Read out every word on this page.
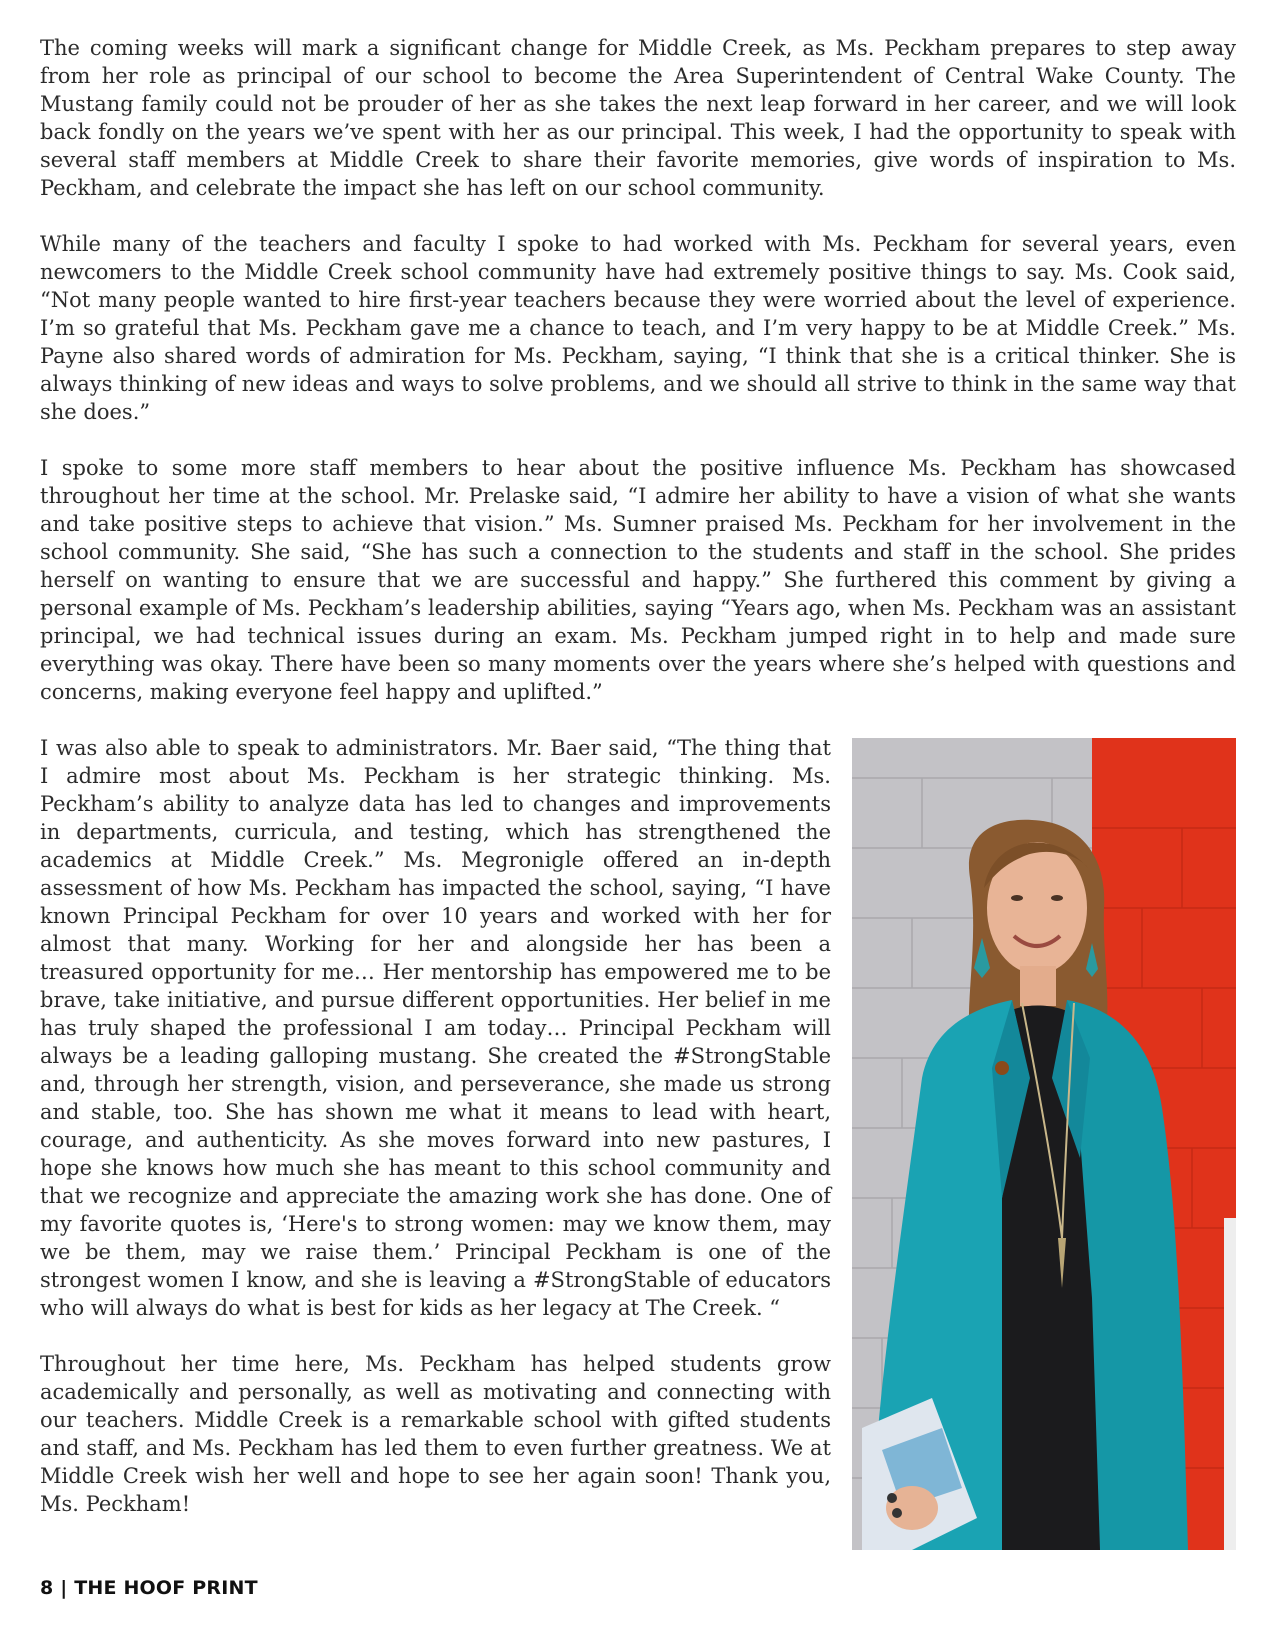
The coming weeks will mark a significant change for Middle Creek, as Ms. Peckham prepares to step away from her role as principal of our school to become the Area Superintendent of Central Wake County. The Mustang family could not be prouder of her as she takes the next leap forward in her career, and we will look back fondly on the years we’ve spent with her as our principal. This week, I had the opportunity to speak with several staff members at Middle Creek to share their favorite memories, give words of inspiration to Ms. Peckham, and celebrate the impact she has left on our school community.

While many of the teachers and faculty I spoke to had worked with Ms. Peckham for several years, even newcomers to the Middle Creek school community have had extremely positive things to say. Ms. Cook said, “Not many people wanted to hire first-year teachers because they were worried about the level of experience. I’m so grateful that Ms. Peckham gave me a chance to teach, and I’m very happy to be at Middle Creek.” Ms. Payne also shared words of admiration for Ms. Peckham, saying, “I think that she is a critical thinker. She is always thinking of new ideas and ways to solve problems, and we should all strive to think in the same way that she does.”

I spoke to some more staff members to hear about the positive influence Ms. Peckham has showcased throughout her time at the school. Mr. Prelaske said, “I admire her ability to have a vision of what she wants and take positive steps to achieve that vision.” Ms. Sumner praised Ms. Peckham for her involvement in the school community. She said, “She has such a connection to the students and staff in the school. She prides herself on wanting to ensure that we are successful and happy.” She furthered this comment by giving a personal example of Ms. Peckham’s leadership abilities, saying “Years ago, when Ms. Peckham was an assistant principal, we had technical issues during an exam. Ms. Peckham jumped right in to help and made sure everything was okay. There have been so many moments over the years where she’s helped with questions and concerns, making everyone feel happy and uplifted.”

I was also able to speak to administrators. Mr. Baer said, “The thing that I admire most about Ms. Peckham is her strategic thinking. Ms. Peckham’s ability to analyze data has led to changes and improvements in departments, curricula, and testing, which has strengthened the academics at Middle Creek.” Ms. Megronigle offered an in-depth assessment of how Ms. Peckham has impacted the school, saying, “I have known Principal Peckham for over 10 years and worked with her for almost that many. Working for her and alongside her has been a treasured opportunity for me… Her mentorship has empowered me to be brave, take initiative, and pursue different opportunities. Her belief in me has truly shaped the professional I am today… Principal Peckham will always be a leading galloping mustang. She created the #StrongStable and, through her strength, vision, and perseverance, she made us strong and stable, too. She has shown me what it means to lead with heart, courage, and authenticity. As she moves forward into new pastures, I hope she knows how much she has meant to this school community and that we recognize and appreciate the amazing work she has done. One of my favorite quotes is, ‘Here's to strong women: may we know them, may we be them, may we raise them.’ Principal Peckham is one of the strongest women I know, and she is leaving a #StrongStable of educators who will always do what is best for kids as her legacy at The Creek. “

Throughout her time here, Ms. Peckham has helped students grow academically and personally, as well as motivating and connecting with our teachers. Middle Creek is a remarkable school with gifted students and staff, and Ms. Peckham has led them to even further greatness. We at Middle Creek wish her well and hope to see her again soon! Thank you, Ms. Peckham!

8 | THE HOOF PRINT
